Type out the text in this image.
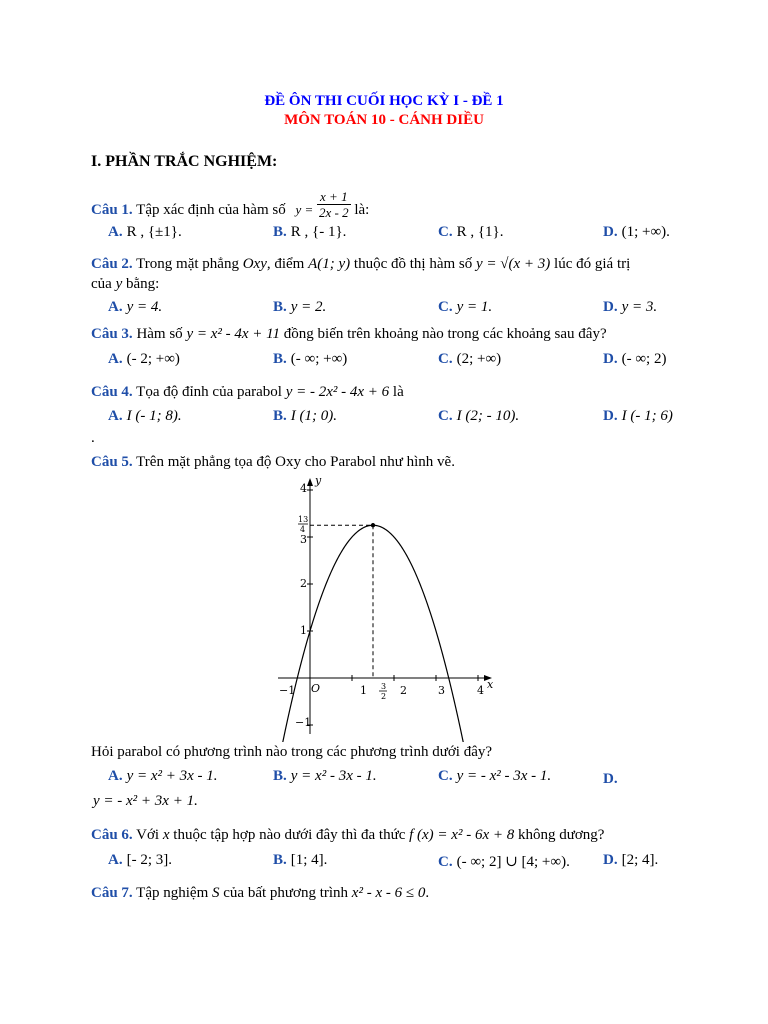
ĐỀ ÔN THI CUỐI HỌC KỲ I - ĐỀ 1
MÔN TOÁN 10 - CÁNH DIỀU
I. PHẦN TRẮC NGHIỆM:
Câu 1. Tập xác định của hàm số $y = \frac{x + 1}{2x - 2}$ là:
A. R , {±1}.	B. R , {- 1}.	C. R , {1}.	D. (1; +∞).
Câu 2. Trong mặt phẳng Oxy, điểm A(1; y) thuộc đồ thị hàm số y = √(x + 3) lúc đó giá trị
của y bằng:
A. y = 4.	B. y = 2.	C. y = 1.	D. y = 3.
Câu 3. Hàm số y = x² - 4x + 11 đồng biến trên khoảng nào trong các khoảng sau đây?
A. (- 2; +∞)	B. (- ∞; +∞)	C. (2; +∞)	D. (- ∞; 2)
Câu 4. Tọa độ đỉnh của parabol y = - 2x² - 4x + 6 là
A. I (- 1; 8).	B. I (1; 0).	C. I (2; - 10).	D. I (- 1; 6)
.
Câu 5. Trên mặt phẳng tọa độ Oxy cho Parabol như hình vẽ.
x
y
−1 O	1	2	3	4
3
2
4
3
2
1
−1
13
4
Hỏi parabol có phương trình nào trong các phương trình dưới đây?
A. y = x² + 3x - 1.	B. y = x² - 3x - 1.	C. y = - x² - 3x - 1.	D.
y = - x² + 3x + 1.
Câu 6. Với x thuộc tập hợp nào dưới đây thì đa thức f (x) = x² - 6x + 8 không dương?
A. [- 2; 3].	B. [1; 4].	C. (- ∞; 2] ∪ [4; +∞). D. [2; 4].
Câu 7. Tập nghiệm S của bất phương trình x² - x - 6 ≤ 0.
